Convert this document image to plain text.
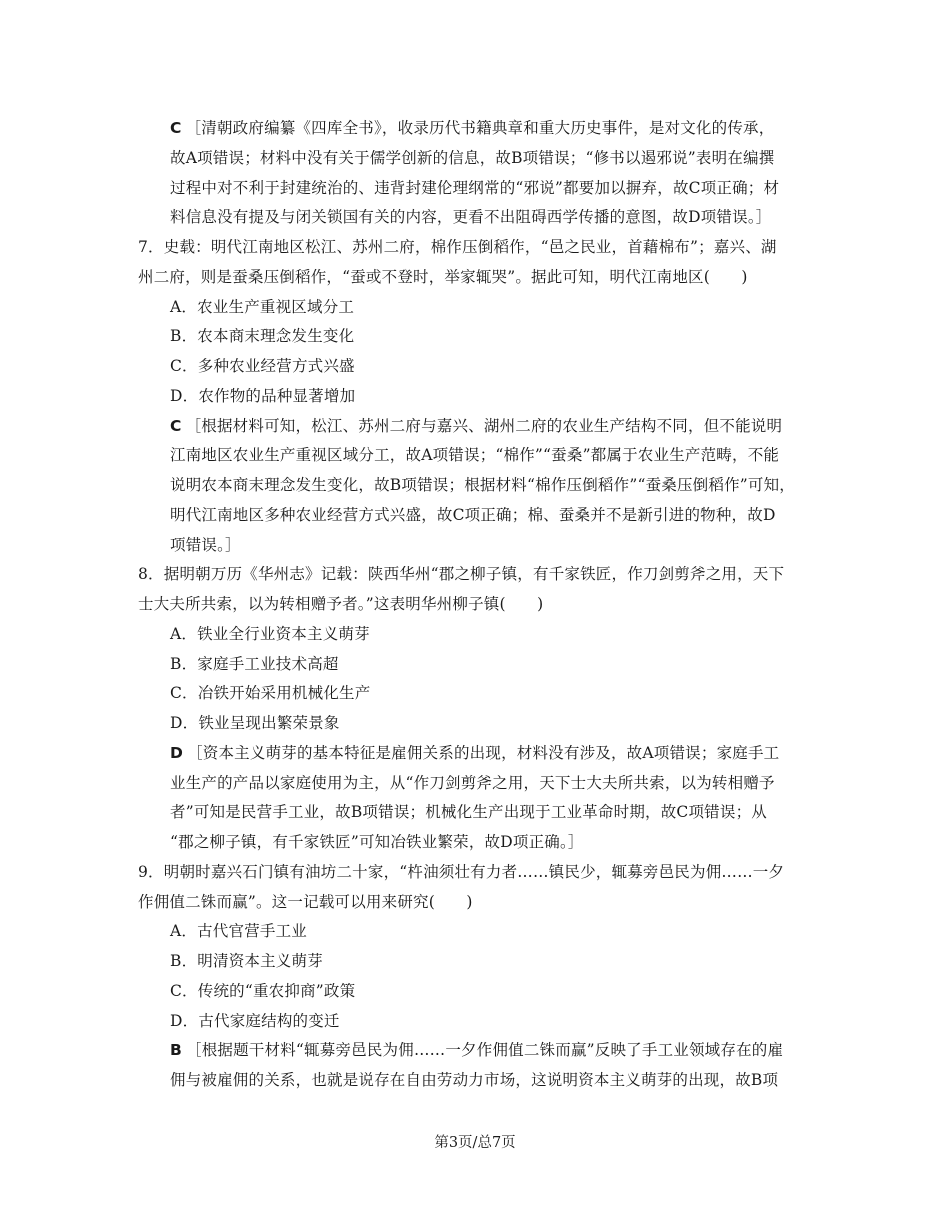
C ［清朝政府编纂《四库全书》，收录历代书籍典章和重大历史事件，是对文化的传承，
故A项错误；材料中没有关于儒学创新的信息，故B项错误；“修书以遏邪说”表明在编撰
过程中对不利于封建统治的、违背封建伦理纲常的“邪说”都要加以摒弃，故C项正确；材
料信息没有提及与闭关锁国有关的内容，更看不出阻碍西学传播的意图，故D项错误。］
7．史载：明代江南地区松江、苏州二府，棉作压倒稻作，“邑之民业，首藉棉布”；嘉兴、湖
州二府，则是蚕桑压倒稻作，“蚕或不登时，举家辄哭”。据此可知，明代江南地区(　　)
A．农业生产重视区域分工
B．农本商末理念发生变化
C．多种农业经营方式兴盛
D．农作物的品种显著增加
C ［根据材料可知，松江、苏州二府与嘉兴、湖州二府的农业生产结构不同，但不能说明
江南地区农业生产重视区域分工，故A项错误；“棉作”“蚕桑”都属于农业生产范畴，不能
说明农本商末理念发生变化，故B项错误；根据材料“棉作压倒稻作”“蚕桑压倒稻作”可知，
明代江南地区多种农业经营方式兴盛，故C项正确；棉、蚕桑并不是新引进的物种，故D
项错误。］
8．据明朝万历《华州志》记载：陕西华州“郡之柳子镇，有千家铁匠，作刀剑剪斧之用，天下
士大夫所共索，以为转相赠予者。”这表明华州柳子镇(　　)
A．铁业全行业资本主义萌芽
B．家庭手工业技术高超
C．冶铁开始采用机械化生产
D．铁业呈现出繁荣景象
D ［资本主义萌芽的基本特征是雇佣关系的出现，材料没有涉及，故A项错误；家庭手工
业生产的产品以家庭使用为主，从“作刀剑剪斧之用，天下士大夫所共索，以为转相赠予
者”可知是民营手工业，故B项错误；机械化生产出现于工业革命时期，故C项错误；从
“郡之柳子镇，有千家铁匠”可知冶铁业繁荣，故D项正确。］
9．明朝时嘉兴石门镇有油坊二十家，“杵油须壮有力者……镇民少，辄募旁邑民为佣……一夕
作佣值二铢而赢”。这一记载可以用来研究(　　)
A．古代官营手工业
B．明清资本主义萌芽
C．传统的“重农抑商”政策
D．古代家庭结构的变迁
B ［根据题干材料“辄募旁邑民为佣……一夕作佣值二铢而赢”反映了手工业领域存在的雇
佣与被雇佣的关系，也就是说存在自由劳动力市场，这说明资本主义萌芽的出现，故B项
第3页/总7页
